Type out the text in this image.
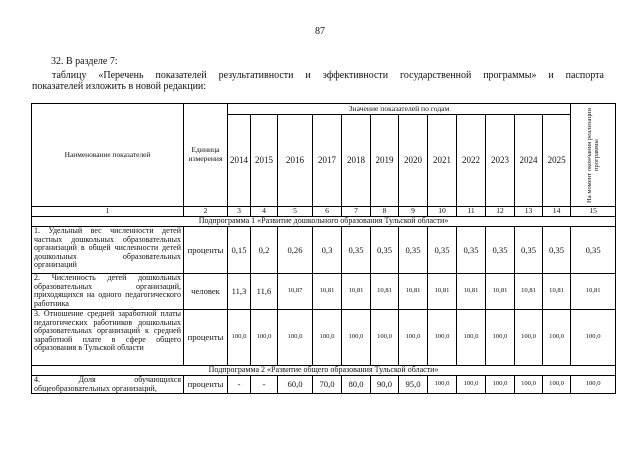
87
32. В разделе 7:
таблицу «Перечень показателей результативности и эффективности государственной программы» и паспорта
показателей изложить в новой редакции:
Наименование показателей	Единица измерения	Значение показателей по годам												На момент окончания реализации программы

		2014	2015	2016	2017	2018	2019	2020	2021	2022	2023	2024	2025	
1	2	3	4	5	6	7	8	9	10	11	12	13	14	15
Подпрограмма 1 «Развитие дошкольного образования Тульской области»														
1. Удельный вес численности детей частных дошкольных образовательных организаций в общей численности детей дошкольных образовательных организаций	проценты	0,15	0,2	0,26	0,3	0,35	0,35	0,35	0,35	0,35	0,35	0,35	0,35	0,35
2. Численность детей дошкольных образовательных организаций, приходящихся на одного педагогического работника	человек	11,3	11,6	10,87	10,81	10,81	10,81	10,81	10,81	10,81	10,81	10,81	10,81	10,81
3. Отношение средней заработной платы педагогических работников дошкольных образовательных организаций к средней заработной плате в сфере общего образования в Тульской области	проценты	100,0	100,0	100,0	100,0	100,0	100,0	100,0	100,0	100,0	100,0	100,0	100,0	100,0
Подпрограмма 2 «Развитие общего образования Тульской области»														
4. Доля обучающихся общеобразовательных организаций,	проценты	-	-	60,0	70,0	80,0	90,0	95,0	100,0	100,0	100,0	100,0	100,0	100,0
